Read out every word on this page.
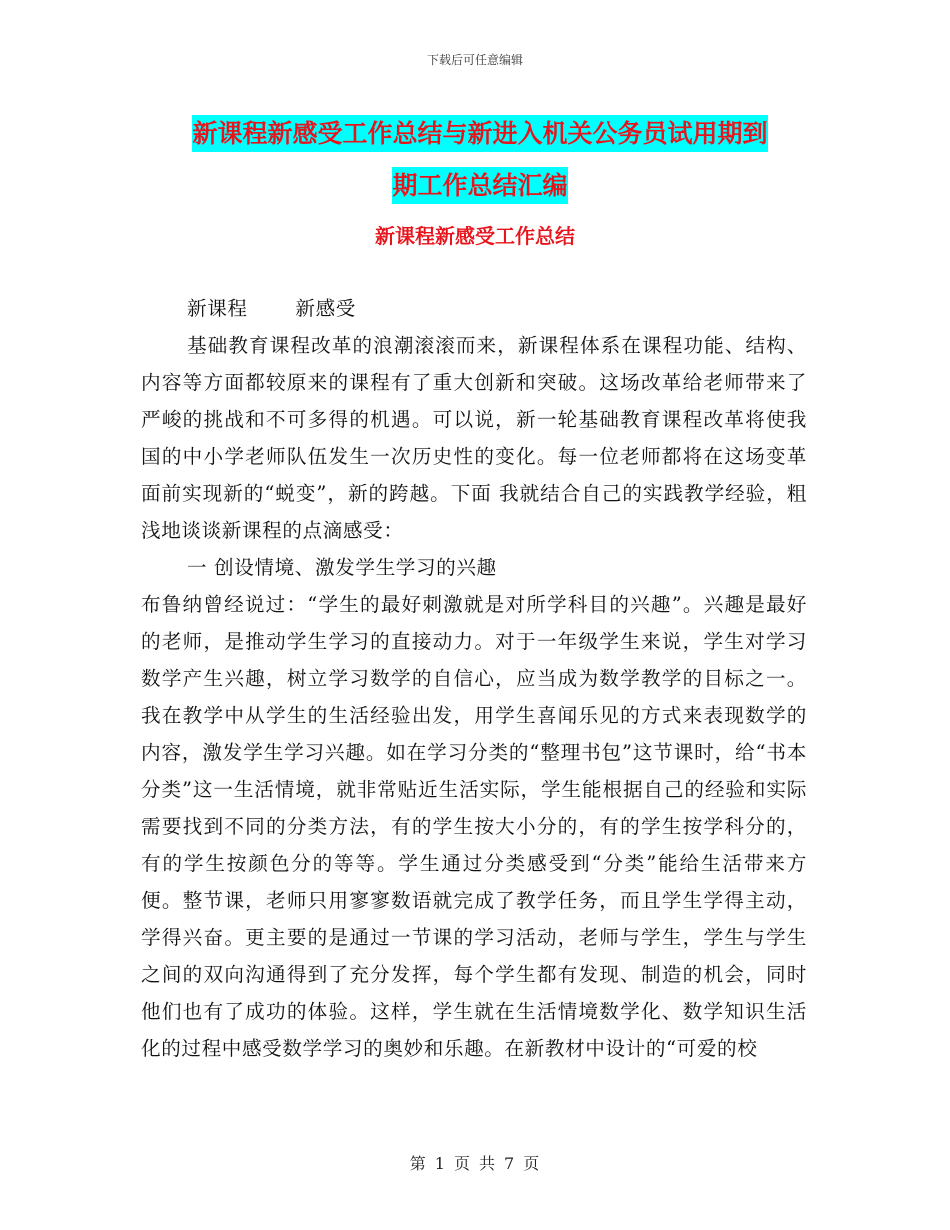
下载后可任意编辑
新课程新感受工作总结与新进入机关公务员试用期到
期工作总结汇编
新课程新感受工作总结

新课程       新感受

基础教育课程改革的浪潮滚滚而来，新课程体系在课程功能、结构、内容等方面都较原来的课程有了重大创新和突破。这场改革给老师带来了严峻的挑战和不可多得的机遇。可以说，新一轮基础教育课程改革将使我国的中小学老师队伍发生一次历史性的变化。每一位老师都将在这场变革面前实现新的“蜕变”，新的跨越。下面 我就结合自己的实践教学经验，粗浅地谈谈新课程的点滴感受：

一 创设情境、激发学生学习的兴趣

布鲁纳曾经说过：“学生的最好刺激就是对所学科目的兴趣”。兴趣是最好的老师，是推动学生学习的直接动力。对于一年级学生来说，学生对学习数学产生兴趣，树立学习数学的自信心，应当成为数学教学的目标之一。我在教学中从学生的生活经验出发，用学生喜闻乐见的方式来表现数学的内容，激发学生学习兴趣。如在学习分类的“整理书包”这节课时，给“书本分类”这一生活情境，就非常贴近生活实际，学生能根据自己的经验和实际需要找到不同的分类方法，有的学生按大小分的，有的学生按学科分的，有的学生按颜色分的等等。学生通过分类感受到“分类”能给生活带来方便。整节课，老师只用寥寥数语就完成了教学任务，而且学生学得主动，学得兴奋。更主要的是通过一节课的学习活动，老师与学生，学生与学生之间的双向沟通得到了充分发挥，每个学生都有发现、制造的机会，同时他们也有了成功的体验。这样，学生就在生活情境数学化、数学知识生活化的过程中感受数学学习的奥妙和乐趣。在新教材中设计的“可爱的校

第 1 页 共 7 页
